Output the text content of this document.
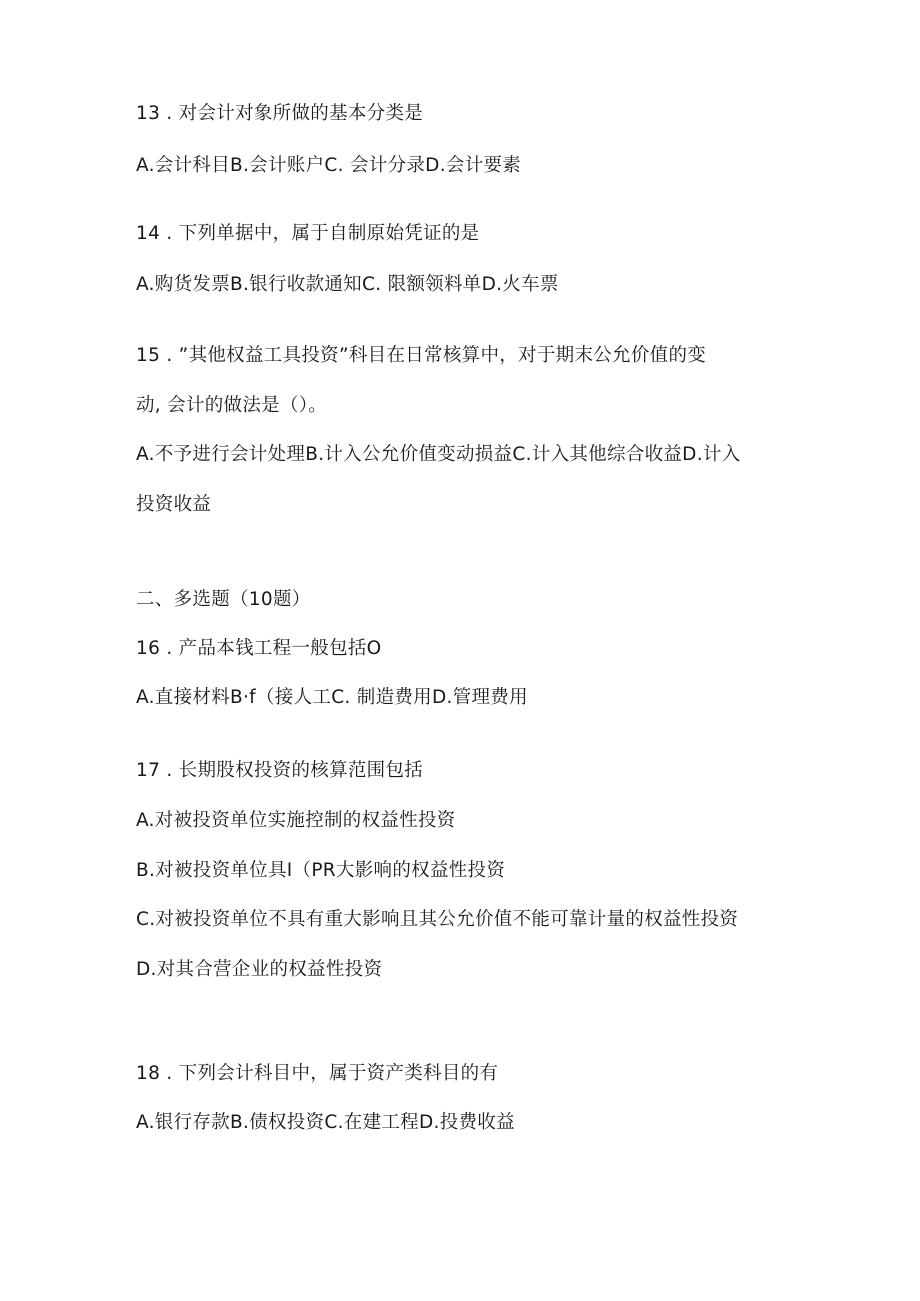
13 . 对会计对象所做的基本分类是
A.会计科目B.会计账户C. 会计分录D.会计要素
14 . 下列单据中，属于自制原始凭证的是
A.购货发票B.银行收款通知C. 限额领料单D.火车票
15 . ”其他权益工具投资”科目在日常核算中，对于期末公允价值的变
动, 会计的做法是（）。
A.不予进行会计处理B.计入公允价值变动损益C.计入其他综合收益D.计入
投资收益
二、多选题（10题）
16 . 产品本钱工程一般包括O
A.直接材料B·f（接人工C. 制造费用D.管理费用
17 . 长期股权投资的核算范围包括
A.对被投资单位实施控制的权益性投资
B.对被投资单位具I（PR大影响的权益性投资
C.对被投资单位不具有重大影响且其公允价值不能可靠计量的权益性投资
D.对其合营企业的权益性投资
18 . 下列会计科目中，属于资产类科目的有
A.银行存款B.债权投资C.在建工程D.投费收益
